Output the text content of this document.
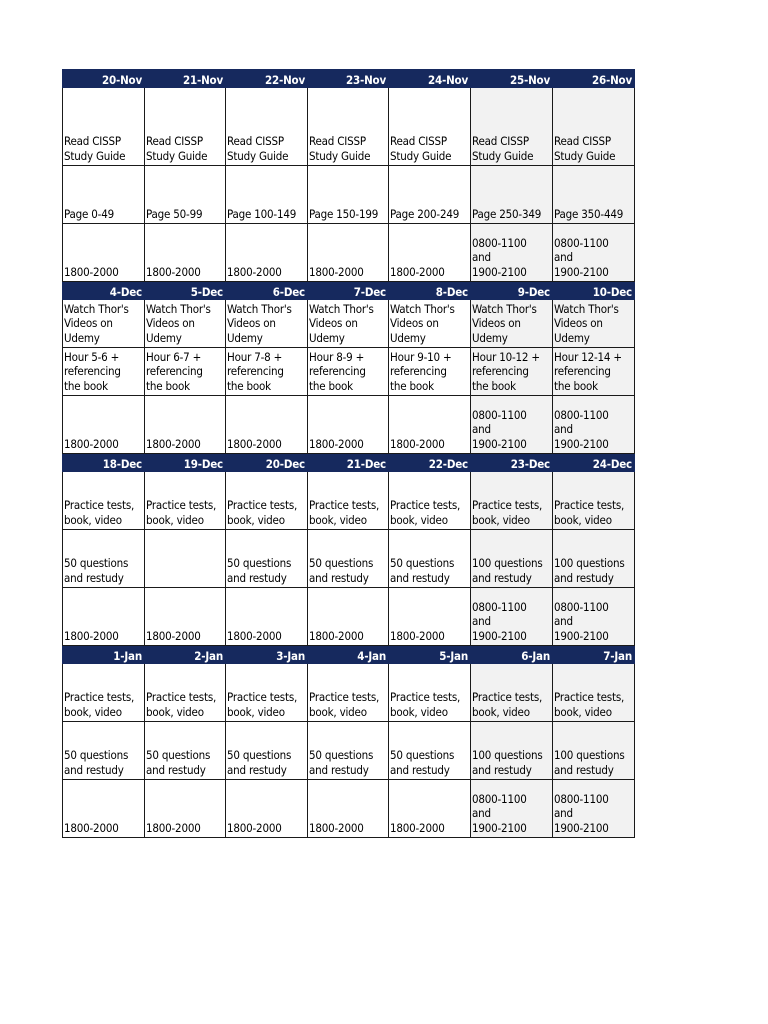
20-Nov	21-Nov	22-Nov	23-Nov	24-Nov	25-Nov	26-Nov

Read CISSP
Study Guide	Read CISSP
Study Guide	Read CISSP
Study Guide	Read CISSP
Study Guide	Read CISSP
Study Guide	Read CISSP
Study Guide	Read CISSP
Study Guide

Page 0-49	Page 50-99	Page 100-149	Page 150-199	Page 200-249	Page 250-349	Page 350-449

1800-2000	1800-2000	1800-2000	1800-2000	1800-2000	0800-1100
and
1900-2100	0800-1100
and
1900-2100

4-Dec	5-Dec	6-Dec	7-Dec	8-Dec	9-Dec	10-Dec

Watch Thor's
Videos on
Udemy	Watch Thor's
Videos on
Udemy	Watch Thor's
Videos on
Udemy	Watch Thor's
Videos on
Udemy	Watch Thor's
Videos on
Udemy	Watch Thor's
Videos on
Udemy	Watch Thor's
Videos on
Udemy

Hour 5-6 +
referencing
the book	Hour 6-7 +
referencing
the book	Hour 7-8 +
referencing
the book	Hour 8-9 +
referencing
the book	Hour 9-10 +
referencing
the book	Hour 10-12 +
referencing
the book	Hour 12-14 +
referencing
the book

1800-2000	1800-2000	1800-2000	1800-2000	1800-2000	0800-1100
and
1900-2100	0800-1100
and
1900-2100

18-Dec	19-Dec	20-Dec	21-Dec	22-Dec	23-Dec	24-Dec

Practice tests,
book, video	Practice tests,
book, video	Practice tests,
book, video	Practice tests,
book, video	Practice tests,
book, video	Practice tests,
book, video	Practice tests,
book, video

50 questions
and restudy		50 questions
and restudy	50 questions
and restudy	50 questions
and restudy	100 questions
and restudy	100 questions
and restudy

1800-2000	1800-2000	1800-2000	1800-2000	1800-2000	0800-1100
and
1900-2100	0800-1100
and
1900-2100

1-Jan	2-Jan	3-Jan	4-Jan	5-Jan	6-Jan	7-Jan

Practice tests,
book, video	Practice tests,
book, video	Practice tests,
book, video	Practice tests,
book, video	Practice tests,
book, video	Practice tests,
book, video	Practice tests,
book, video

50 questions
and restudy	50 questions
and restudy	50 questions
and restudy	50 questions
and restudy	50 questions
and restudy	100 questions
and restudy	100 questions
and restudy

1800-2000	1800-2000	1800-2000	1800-2000	1800-2000	0800-1100
and
1900-2100	0800-1100
and
1900-2100
